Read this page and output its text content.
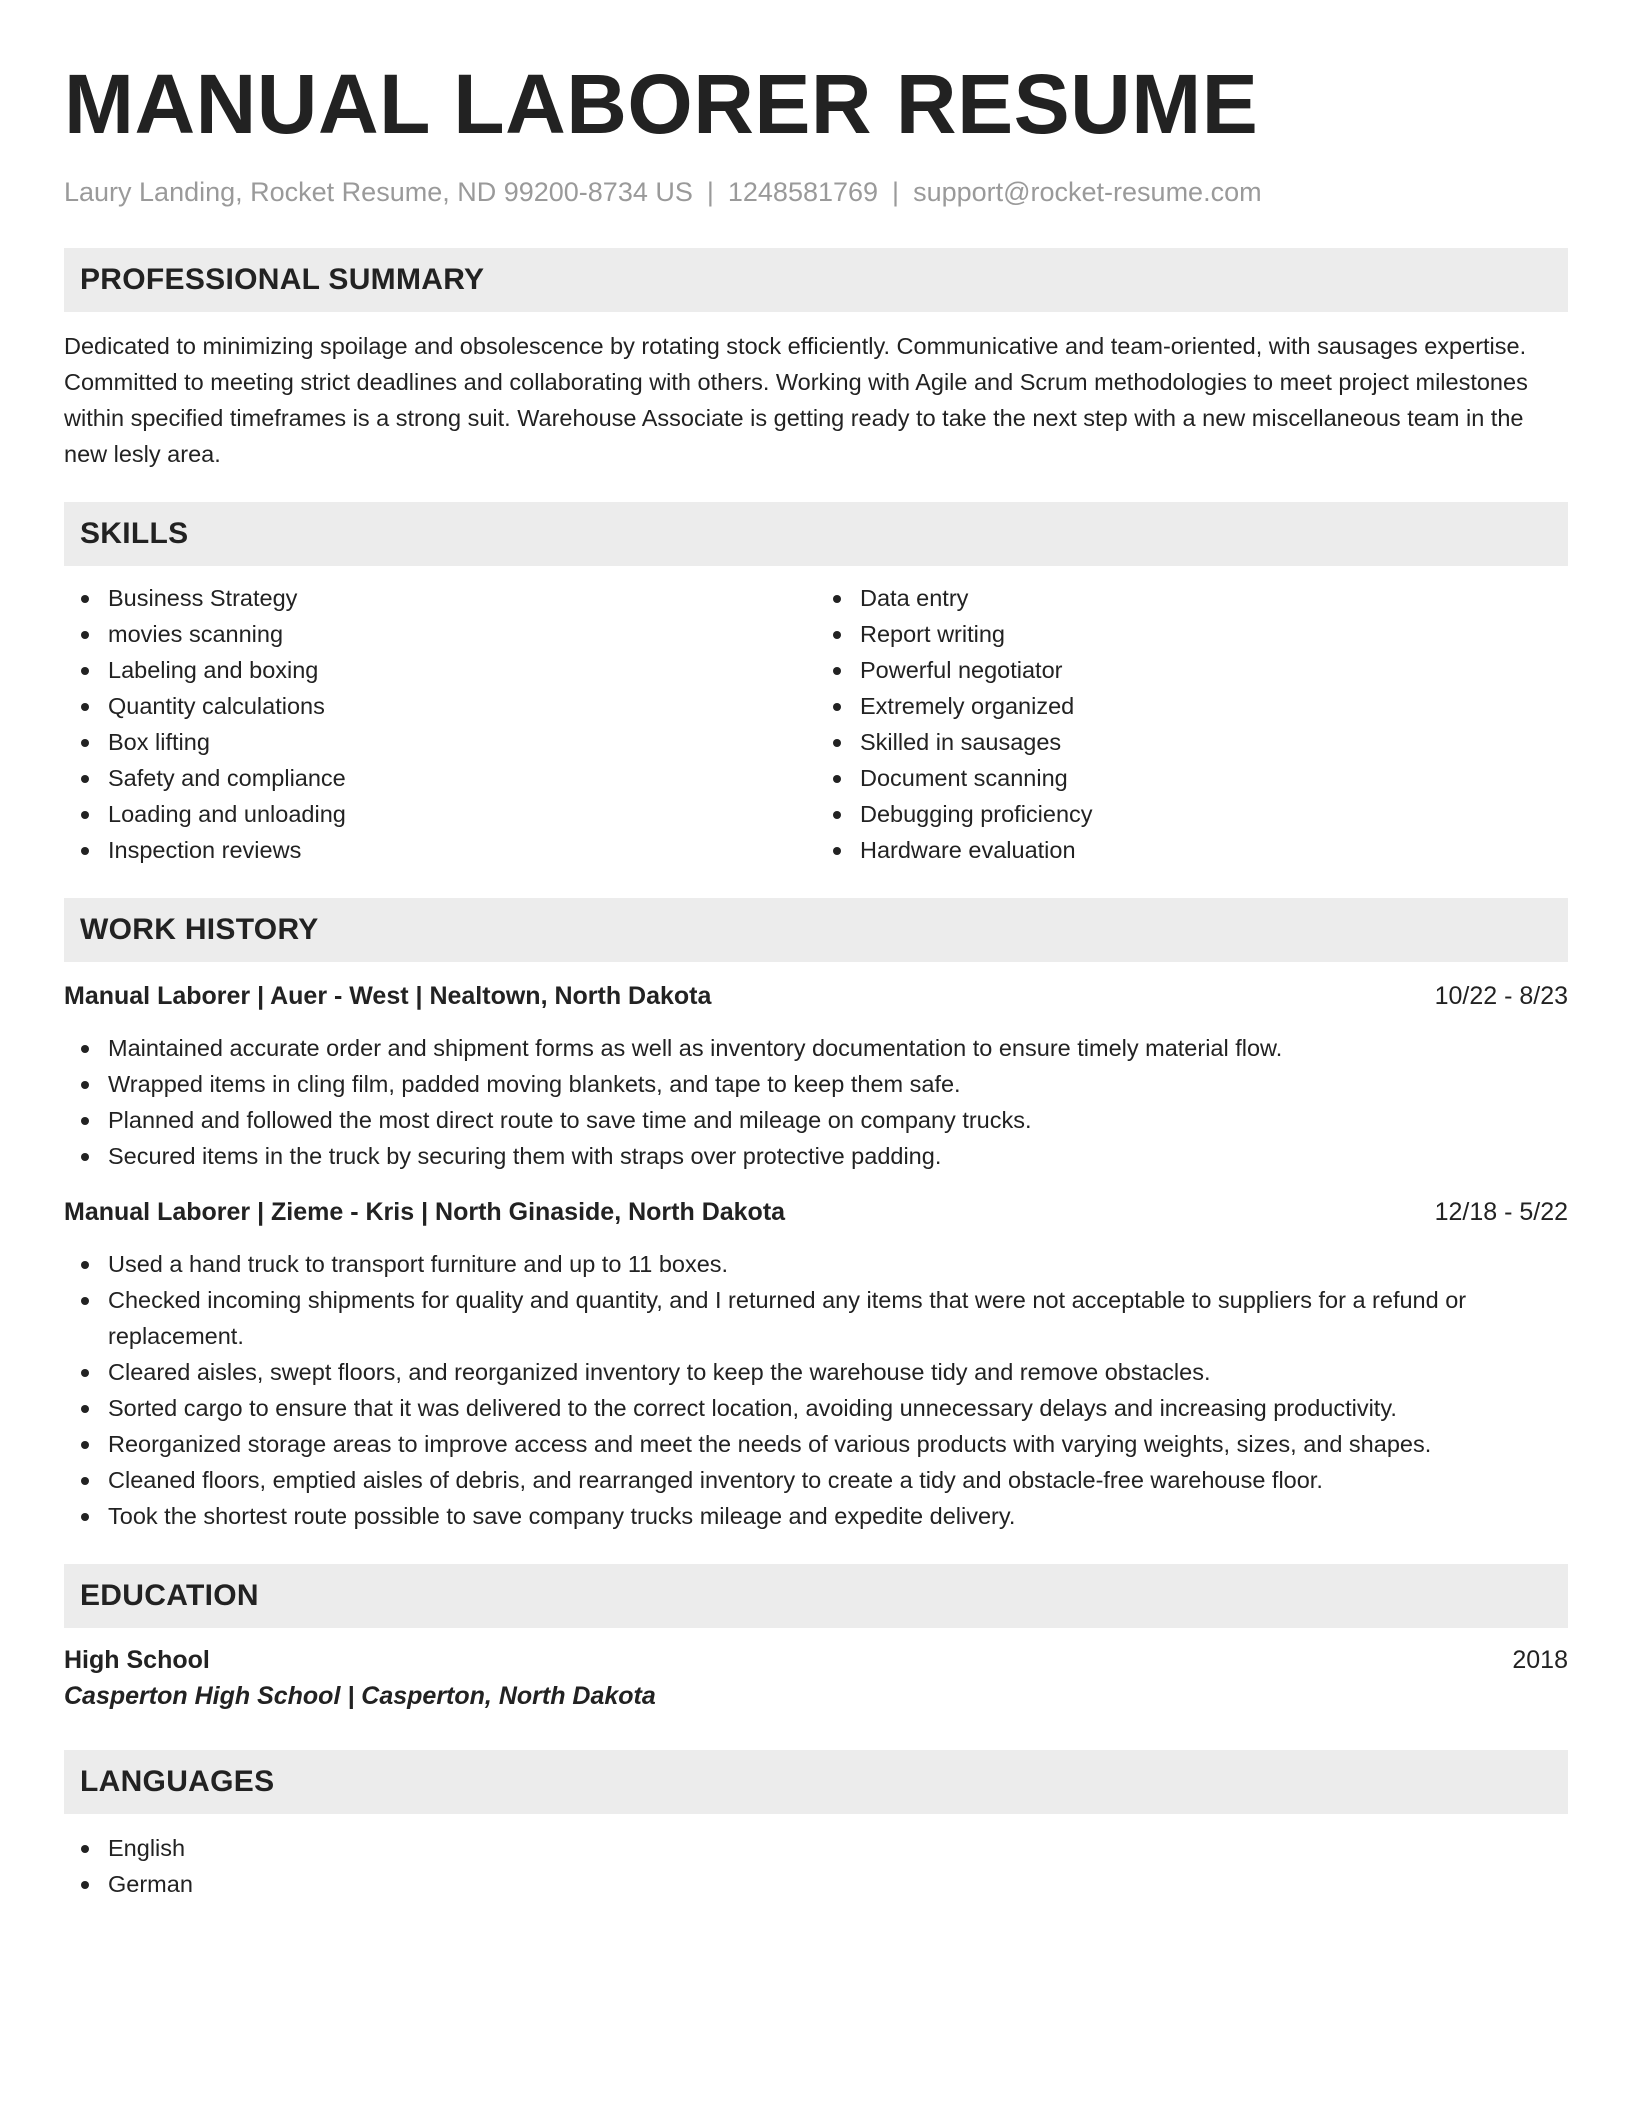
MANUAL LABORER RESUME
Laury Landing, Rocket Resume, ND 99200-8734 US | 1248581769 | support@rocket-resume.com
PROFESSIONAL SUMMARY

Dedicated to minimizing spoilage and obsolescence by rotating stock efficiently. Communicative and team-oriented, with sausages expertise. Committed to meeting strict deadlines and collaborating with others. Working with Agile and Scrum methodologies to meet project milestones within specified timeframes is a strong suit. Warehouse Associate is getting ready to take the next step with a new miscellaneous team in the new lesly area.

SKILLS
Business Strategy
movies scanning
Labeling and boxing
Quantity calculations
Box lifting
Safety and compliance
Loading and unloading
Inspection reviews
Data entry
Report writing
Powerful negotiator
Extremely organized
Skilled in sausages
Document scanning
Debugging proficiency
Hardware evaluation
WORK HISTORY
Manual Laborer | Auer - West | Nealtown, North Dakota	10/22 - 8/23
Maintained accurate order and shipment forms as well as inventory documentation to ensure timely material flow.
Wrapped items in cling film, padded moving blankets, and tape to keep them safe.
Planned and followed the most direct route to save time and mileage on company trucks.
Secured items in the truck by securing them with straps over protective padding.
Manual Laborer | Zieme - Kris | North Ginaside, North Dakota	12/18 - 5/22
Used a hand truck to transport furniture and up to 11 boxes.
Checked incoming shipments for quality and quantity, and I returned any items that were not acceptable to suppliers for a refund or replacement.
Cleared aisles, swept floors, and reorganized inventory to keep the warehouse tidy and remove obstacles.
Sorted cargo to ensure that it was delivered to the correct location, avoiding unnecessary delays and increasing productivity.
Reorganized storage areas to improve access and meet the needs of various products with varying weights, sizes, and shapes.
Cleaned floors, emptied aisles of debris, and rearranged inventory to create a tidy and obstacle-free warehouse floor.
Took the shortest route possible to save company trucks mileage and expedite delivery.
EDUCATION
High School	2018
Casperton High School | Casperton, North Dakota
LANGUAGES
English
German
